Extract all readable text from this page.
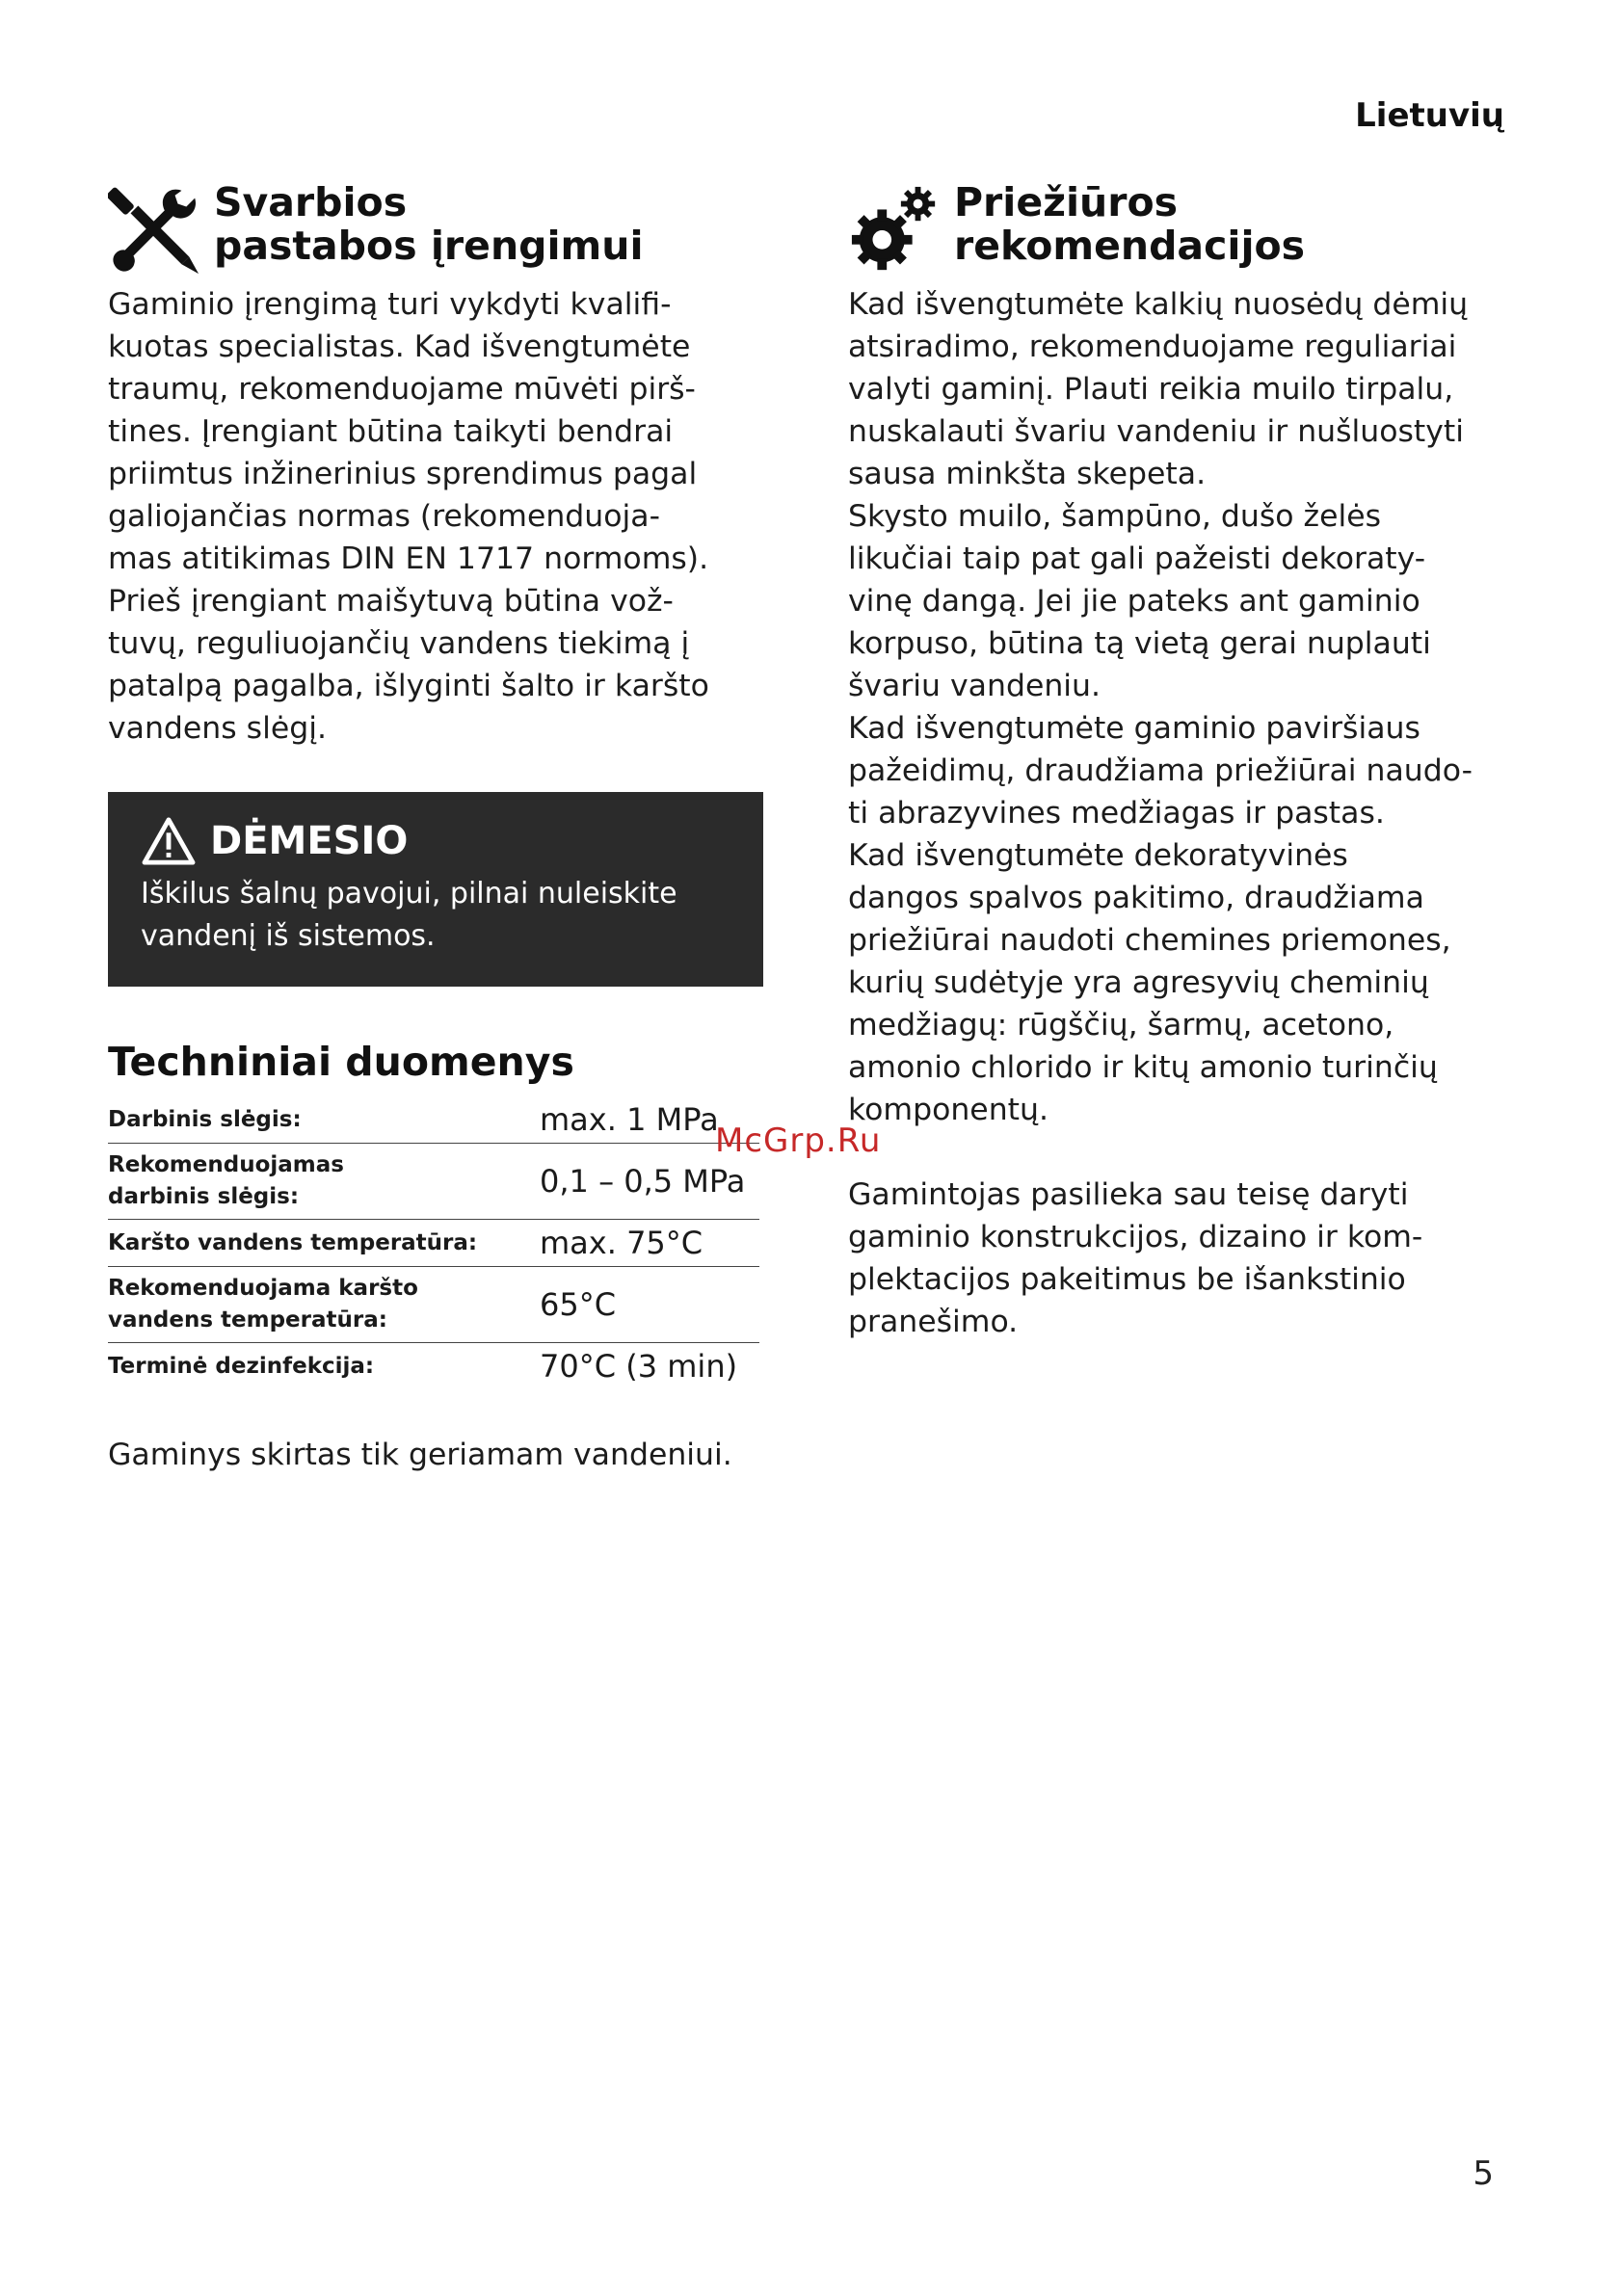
Lietuvių
Svarbios
pastabos įrengimui

Gaminio įrengimą turi vykdyti kvalifi-

kuotas specialistas. Kad išvengtumėte

traumų, rekomenduojame mūvėti pirš-

tines. Įrengiant būtina taikyti bendrai

priimtus inžinerinius sprendimus pagal

galiojančias normas (rekomenduoja-

mas atitikimas DIN EN 1717 normoms).

Prieš įrengiant maišytuvą būtina vož-

tuvų, reguliuojančių vandens tiekimą į

patalpą pagalba, išlyginti šalto ir karšto

vandens slėgį.

DĖMESIO

Iškilus šalnų pavojui, pilnai nuleiskite
vandenį iš sistemos.

Techniniai duomenys
Darbinis slėgis:	max. 1 MPa
Rekomenduojamas
darbinis slėgis:	0,1 – 0,5 MPa
Karšto vandens temperatūra:	max. 75°C
Rekomenduojama karšto
vandens temperatūra:	65°C
Terminė dezinfekcija:	70°C (3 min)

Gaminys skirtas tik geriamam vandeniui.

Priežiūros
rekomendacijos

Kad išvengtumėte kalkių nuosėdų dėmių

atsiradimo, rekomenduojame reguliariai

valyti gaminį. Plauti reikia muilo tirpalu,

nuskalauti švariu vandeniu ir nušluostyti

sausa minkšta skepeta.

Skysto muilo, šampūno, dušo želės

likučiai taip pat gali pažeisti dekoraty-

vinę dangą. Jei jie pateks ant gaminio

korpuso, būtina tą vietą gerai nuplauti

švariu vandeniu.

Kad išvengtumėte gaminio paviršiaus

pažeidimų, draudžiama priežiūrai naudo-

ti abrazyvines medžiagas ir pastas.

Kad išvengtumėte dekoratyvinės

dangos spalvos pakitimo, draudžiama

priežiūrai naudoti chemines priemones,

kurių sudėtyje yra agresyvių cheminių

medžiagų: rūgščių, šarmų, acetono,

amonio chlorido ir kitų amonio turinčių

komponentų.

Gamintojas pasilieka sau teisę daryti

gaminio konstrukcijos, dizaino ir kom-

plektacijos pakeitimus be išankstinio

pranešimo.

McGrp.Ru
5
